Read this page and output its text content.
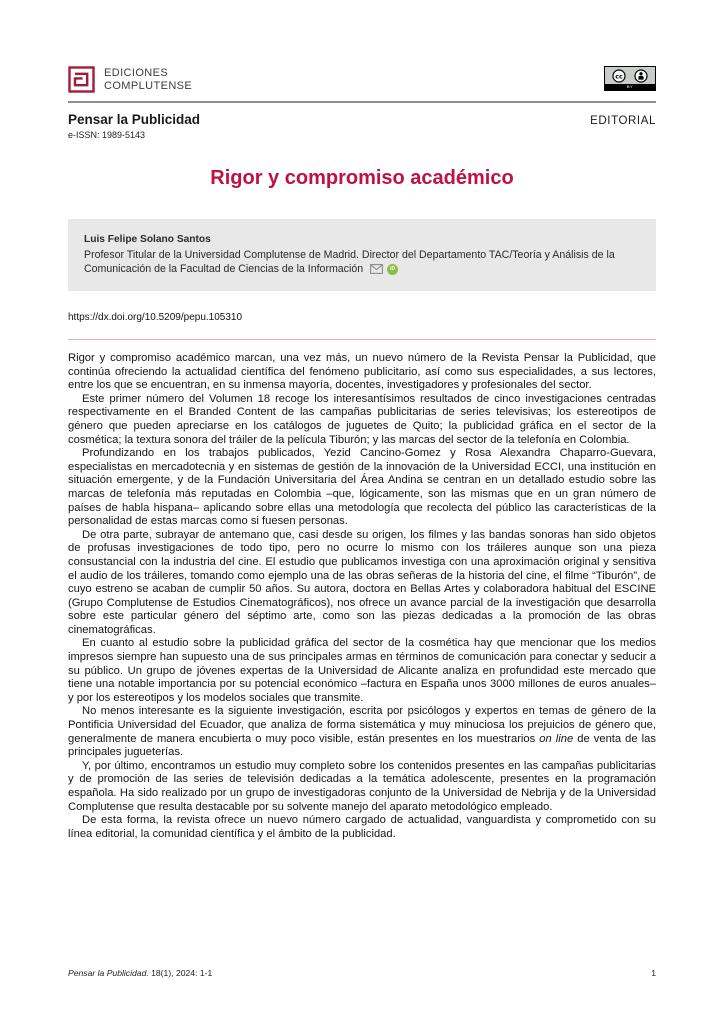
EDICIONES
COMPLUTENSE
cc
BY
Pensar la Publicidad	EDITORIAL
e-ISSN: 1989-5143
Rigor y compromiso académico
Luis Felipe Solano Santos
Profesor Titular de la Universidad Complutense de Madrid. Director del Departamento TAC/Teoría y Análisis de la Comunicación de la Facultad de Ciencias de la Información	iD
https://dx.doi.org/10.5209/pepu.105310

Rigor y compromiso académico marcan, una vez más, un nuevo número de la Revista Pensar la Publicidad, que continúa ofreciendo la actualidad científica del fenómeno publicitario, así como sus especialidades, a sus lectores, entre los que se encuentran, en su inmensa mayoría, docentes, investigadores y profesionales del sector.

Este primer número del Volumen 18 recoge los interesantísimos resultados de cinco investigaciones centradas respectivamente en el Branded Content de las campañas publicitarias de series televisivas; los estereotipos de género que pueden apreciarse en los catálogos de juguetes de Quito; la publicidad gráfica en el sector de la cosmética; la textura sonora del tráiler de la película Tiburón; y las marcas del sector de la telefonía en Colombia.

Profundizando en los trabajos publicados, Yezid Cancino-Gomez y Rosa Alexandra Chaparro-Guevara, especialistas en mercadotecnia y en sistemas de gestión de la innovación de la Universidad ECCI, una institución en situación emergente, y de la Fundación Universitaria del Área Andina se centran en un detallado estudio sobre las marcas de telefonía más reputadas en Colombia –que, lógicamente, son las mismas que en un gran número de países de habla hispana– aplicando sobre ellas una metodología que recolecta del público las características de la personalidad de estas marcas como si fuesen personas.

De otra parte, subrayar de antemano que, casi desde su origen, los filmes y las bandas sonoras han sido objetos de profusas investigaciones de todo tipo, pero no ocurre lo mismo con los tráileres aunque son una pieza consustancial con la industria del cine. El estudio que publicamos investiga con una aproximación original y sensitiva el audio de los tráileres, tomando como ejemplo una de las obras señeras de la historia del cine, el filme “Tiburón”, de cuyo estreno se acaban de cumplir 50 años. Su autora, doctora en Bellas Artes y colaboradora habitual del ESCINE (Grupo Complutense de Estudios Cinematográficos), nos ofrece un avance parcial de la investigación que desarrolla sobre este particular género del séptimo arte, como son las piezas dedicadas a la promoción de las obras cinematográficas.

En cuanto al estudio sobre la publicidad gráfica del sector de la cosmética hay que mencionar que los medios impresos siempre han supuesto una de sus principales armas en términos de comunicación para conectar y seducir a su público. Un grupo de jóvenes expertas de la Universidad de Alicante analiza en profundidad este mercado que tiene una notable importancia por su potencial económico –factura en España unos 3000 millones de euros anuales– y por los estereotipos y los modelos sociales que transmite.

No menos interesante es la siguiente investigación, escrita por psicólogos y expertos en temas de género de la Pontificia Universidad del Ecuador, que analiza de forma sistemática y muy minuciosa los prejuicios de género que, generalmente de manera encubierta o muy poco visible, están presentes en los muestrarios on line de venta de las principales jugueterías.

Y, por último, encontramos un estudio muy completo sobre los contenidos presentes en las campañas publicitarias y de promoción de las series de televisión dedicadas a la temática adolescente, presentes en la programación española. Ha sido realizado por un grupo de investigadoras conjunto de la Universidad de Nebrija y de la Universidad Complutense que resulta destacable por su solvente manejo del aparato metodológico empleado.

De esta forma, la revista ofrece un nuevo número cargado de actualidad, vanguardista y comprometido con su línea editorial, la comunidad científica y el ámbito de la publicidad.

Pensar la Publicidad. 18(1), 2024: 1-1	1
